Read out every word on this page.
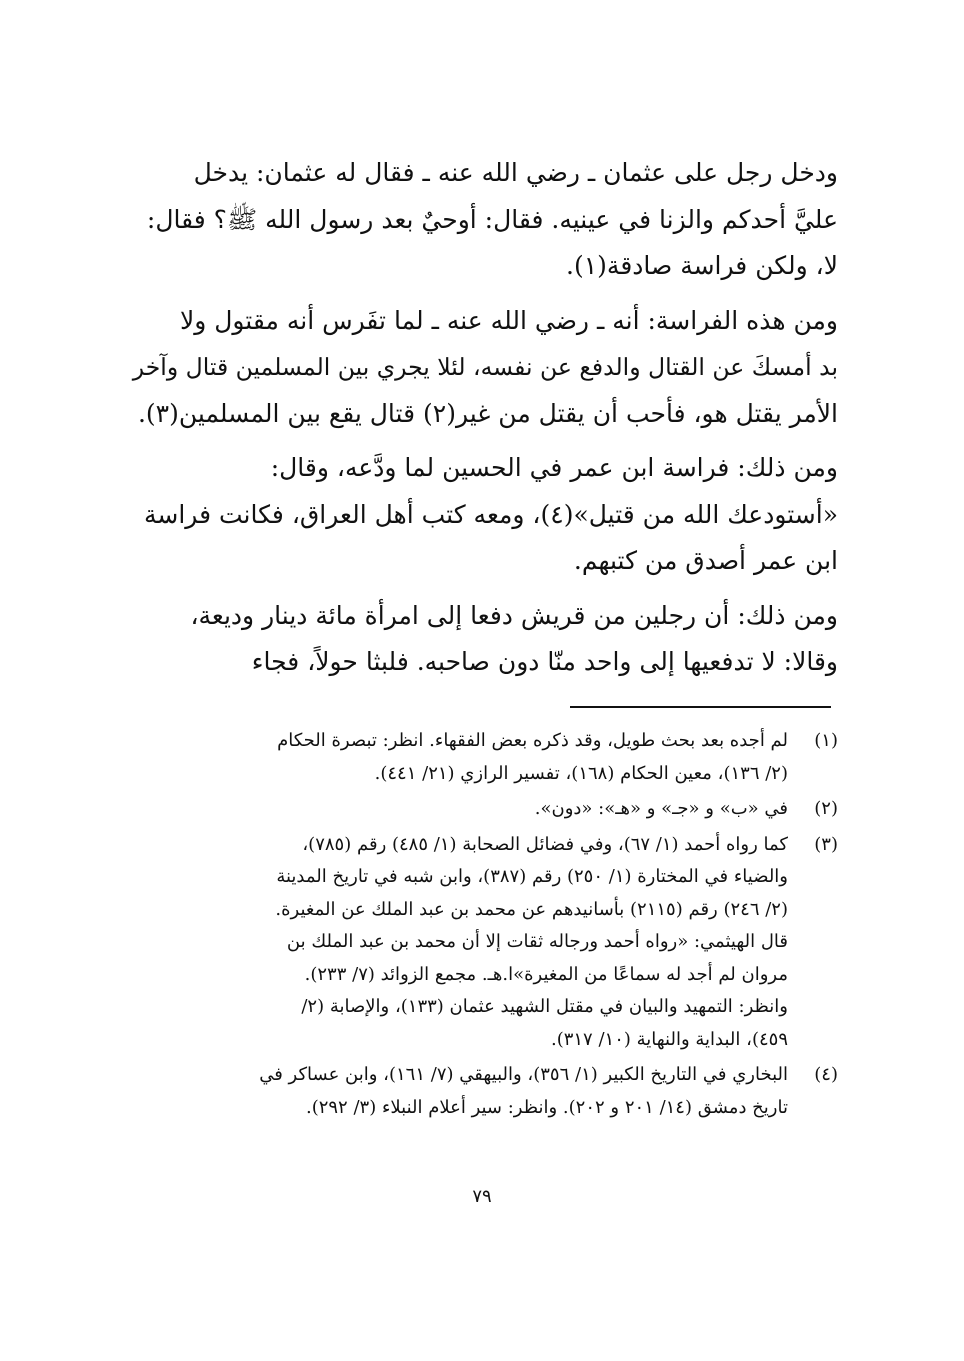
ودخل رجل على عثمان ـ رضي الله عنه ـ فقال له عثمان: يدخل
عليَّ أحدكم والزنا في عينيه. فقال: أوحيٌ بعد رسول الله ﷺ؟ فقال:
لا، ولكن فراسة صادقة(١).

ومن هذه الفراسة: أنه ـ رضي الله عنه ـ لما تفَرس أنه مقتول ولا
بد أمسكَ عن القتال والدفع عن نفسه، لئلا يجري بين المسلمين قتال وآخر
الأمر يقتل هو، فأحب أن يقتل من غير(٢) قتال يقع بين المسلمين(٣).

ومن ذلك: فراسة ابن عمر في الحسين لما ودَّعه، وقال:
«أستودعك الله من قتيل»(٤)، ومعه كتب أهل العراق، فكانت فراسة
ابن عمر أصدق من كتبهم.

ومن ذلك: أن رجلين من قريش دفعا إلى امرأة مائة دينار وديعة،
وقالا: لا تدفعيها إلى واحد منّا دون صاحبه. فلبثا حولاً، فجاء

(١)
لم أجده بعد بحث طويل، وقد ذكره بعض الفقهاء. انظر: تبصرة الحكام
(٢/ ١٣٦)، معين الحكام (١٦٨)، تفسير الرازي (٢١/ ٤٤١).
(٢)
في «ب» و «جـ» و «هـ»: «دون».
(٣)
كما رواه أحمد (١/ ٦٧)، وفي فضائل الصحابة (١/ ٤٨٥) رقم (٧٨٥)،
والضياء في المختارة (١/ ٢٥٠) رقم (٣٨٧)، وابن شبه في تاريخ المدينة
(٢/ ٢٤٦) رقم (٢١١٥) بأسانيدهم عن محمد بن عبد الملك عن المغيرة.
قال الهيثمي: «رواه أحمد ورجاله ثقات إلا أن محمد بن عبد الملك بن
مروان لم أجد له سماعًا من المغيرة»ا.هـ. مجمع الزوائد (٧/ ٢٣٣).
وانظر: التمهيد والبيان في مقتل الشهيد عثمان (١٣٣)، والإصابة (٢/
٤٥٩)، البداية والنهاية (١٠/ ٣١٧).
(٤)
البخاري في التاريخ الكبير (١/ ٣٥٦)، والبيهقي (٧/ ١٦١)، وابن عساكر في
تاريخ دمشق (١٤/ ٢٠١ و ٢٠٢). وانظر: سير أعلام النبلاء (٣/ ٢٩٢).
٧٩
